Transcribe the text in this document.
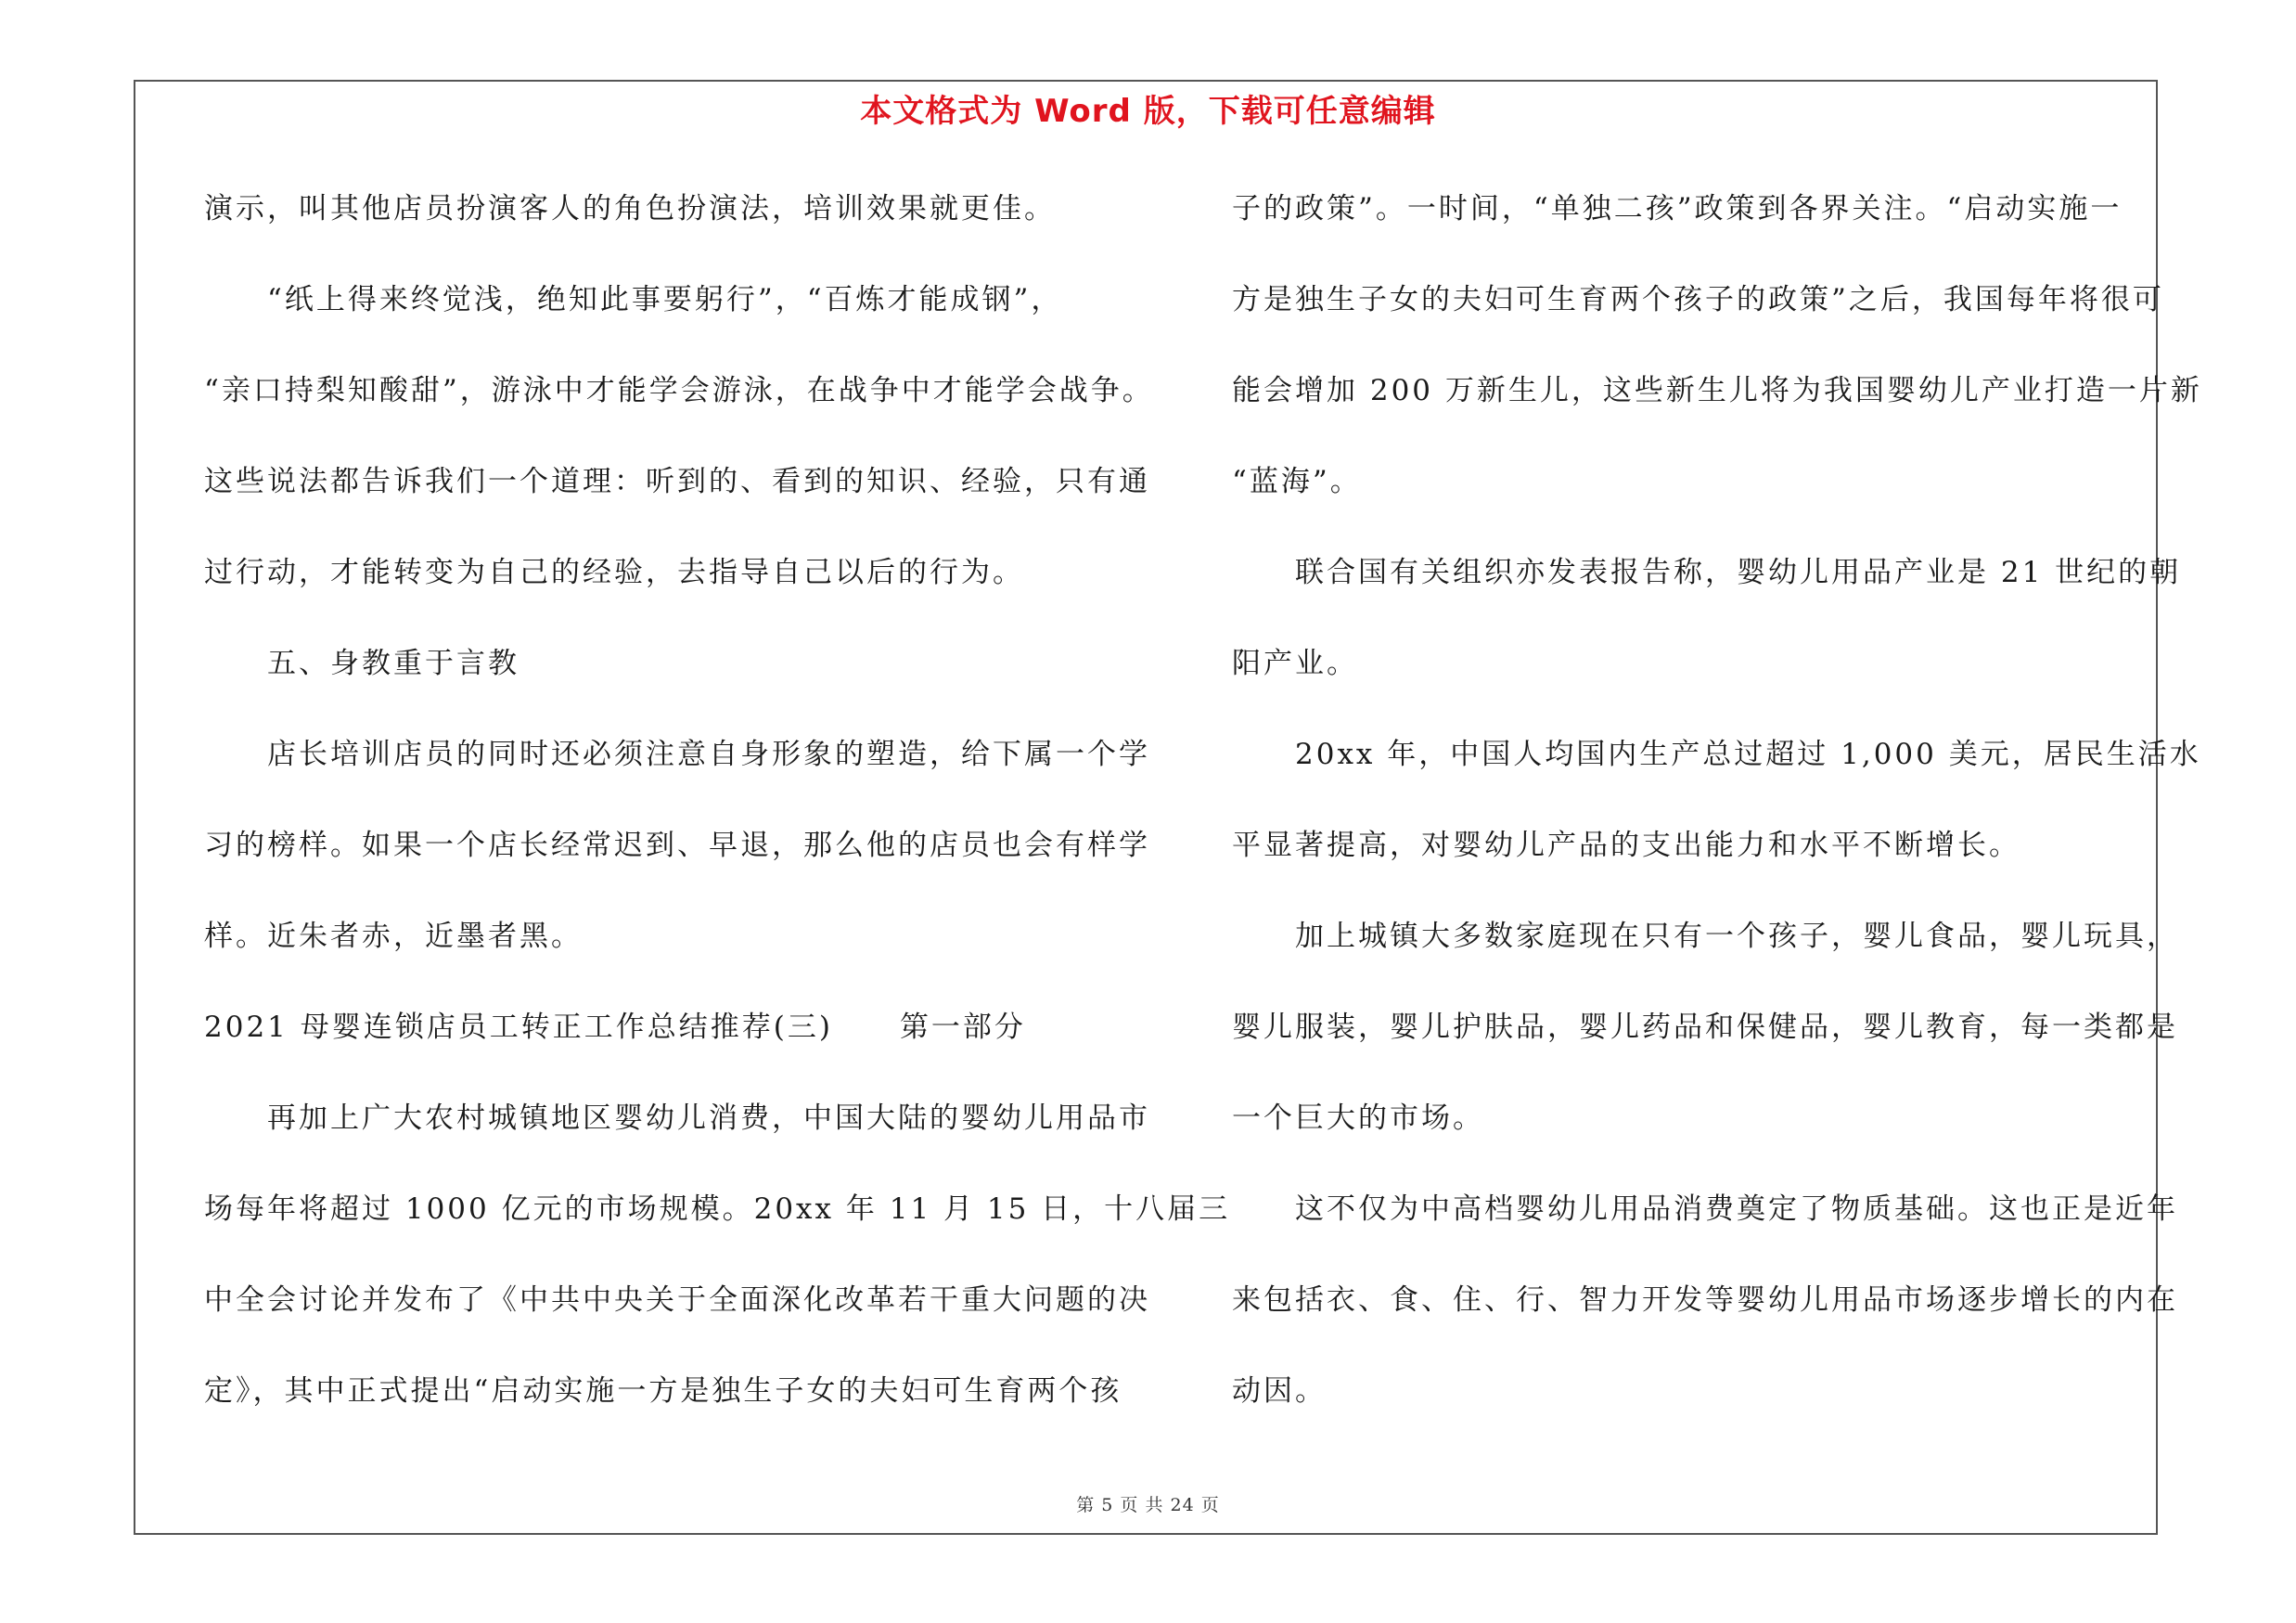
本文格式为 Word 版，下载可任意编辑

演示，叫其他店员扮演客人的角色扮演法，培训效果就更佳。

“纸上得来终觉浅，绝知此事要躬行”，“百炼才能成钢”，

“亲口持梨知酸甜”，游泳中才能学会游泳，在战争中才能学会战争。

这些说法都告诉我们一个道理：听到的、看到的知识、经验，只有通

过行动，才能转变为自己的经验，去指导自己以后的行为。

五、身教重于言教

店长培训店员的同时还必须注意自身形象的塑造，给下属一个学

习的榜样。如果一个店长经常迟到、早退，那么他的店员也会有样学

样。近朱者赤，近墨者黑。

2021 母婴连锁店员工转正工作总结推荐(三) 第一部分

再加上广大农村城镇地区婴幼儿消费，中国大陆的婴幼儿用品市

场每年将超过 1000 亿元的市场规模。20xx 年 11 月 15 日，十八届三

中全会讨论并发布了《中共中央关于全面深化改革若干重大问题的决

定》，其中正式提出“启动实施一方是独生子女的夫妇可生育两个孩

子的政策”。一时间，“单独二孩”政策到各界关注。“启动实施一

方是独生子女的夫妇可生育两个孩子的政策”之后，我国每年将很可

能会增加 200 万新生儿，这些新生儿将为我国婴幼儿产业打造一片新

“蓝海”。

联合国有关组织亦发表报告称，婴幼儿用品产业是 21 世纪的朝

阳产业。

20xx 年，中国人均国内生产总过超过 1,000 美元，居民生活水

平显著提高，对婴幼儿产品的支出能力和水平不断增长。

加上城镇大多数家庭现在只有一个孩子，婴儿食品，婴儿玩具，

婴儿服装，婴儿护肤品，婴儿药品和保健品，婴儿教育，每一类都是

一个巨大的市场。

这不仅为中高档婴幼儿用品消费奠定了物质基础。这也正是近年

来包括衣、食、住、行、智力开发等婴幼儿用品市场逐步增长的内在

动因。

第 5 页 共 24 页
